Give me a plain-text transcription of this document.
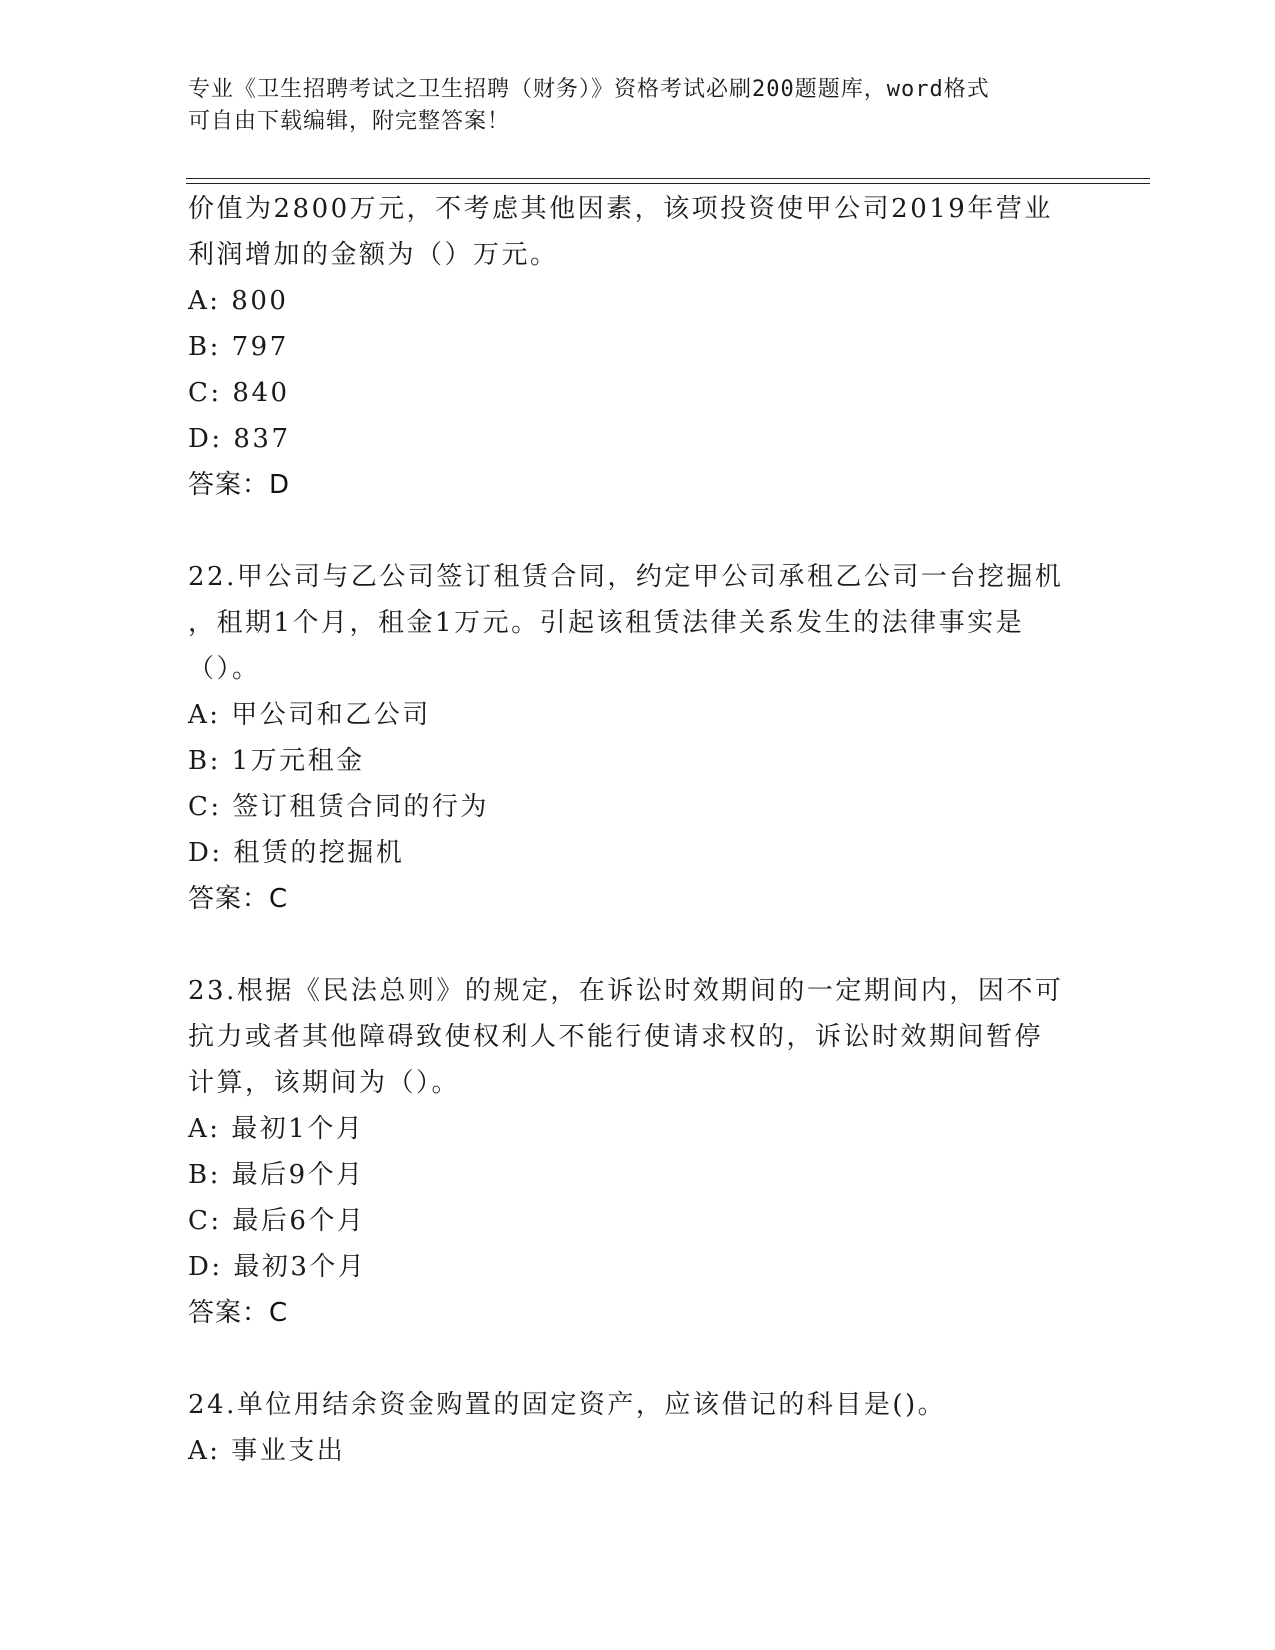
专业《卫生招聘考试之卫生招聘（财务）》资格考试必刷200题题库，word格式
可自由下载编辑，附完整答案！
价值为2800万元，不考虑其他因素，该项投资使甲公司2019年营业
利润增加的金额为（）万元。
A: 800
B: 797
C: 840
D: 837
答案：D
22.甲公司与乙公司签订租赁合同，约定甲公司承租乙公司一台挖掘机
，租期1个月，租金1万元。引起该租赁法律关系发生的法律事实是
（）。
A: 甲公司和乙公司
B: 1万元租金
C: 签订租赁合同的行为
D: 租赁的挖掘机
答案：C
23.根据《民法总则》的规定，在诉讼时效期间的一定期间内，因不可
抗力或者其他障碍致使权利人不能行使请求权的，诉讼时效期间暂停
计算，该期间为（）。
A: 最初1个月
B: 最后9个月
C: 最后6个月
D: 最初3个月
答案：C
24.单位用结余资金购置的固定资产，应该借记的科目是()。
A: 事业支出
